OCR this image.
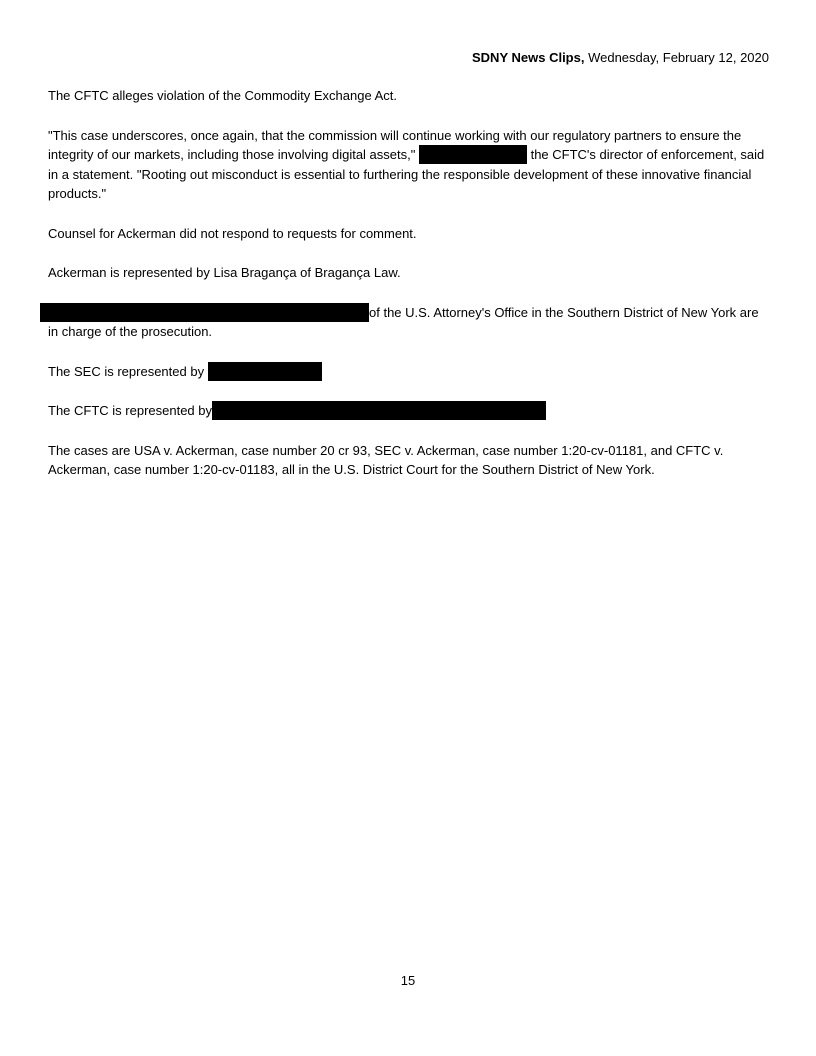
SDNY News Clips, Wednesday, February 12, 2020

The CFTC alleges violation of the Commodity Exchange Act.

"This case underscores, once again, that the commission will continue working with our regulatory partners to ensure the integrity of our markets, including those involving digital assets,"	the CFTC's director of enforcement, said in a statement. "Rooting out misconduct is essential to furthering the responsible development of these innovative financial products."

Counsel for Ackerman did not respond to requests for comment.

Ackerman is represented by Lisa Bragança of Bragança Law.

of the U.S. Attorney's Office in the Southern District of New York are in charge of the prosecution.

The SEC is represented by

The CFTC is represented by

The cases are USA v. Ackerman, case number 20 cr 93, SEC v. Ackerman, case number 1:20-cv-01181, and CFTC v. Ackerman, case number 1:20-cv-01183, all in the U.S. District Court for the Southern District of New York.

15
